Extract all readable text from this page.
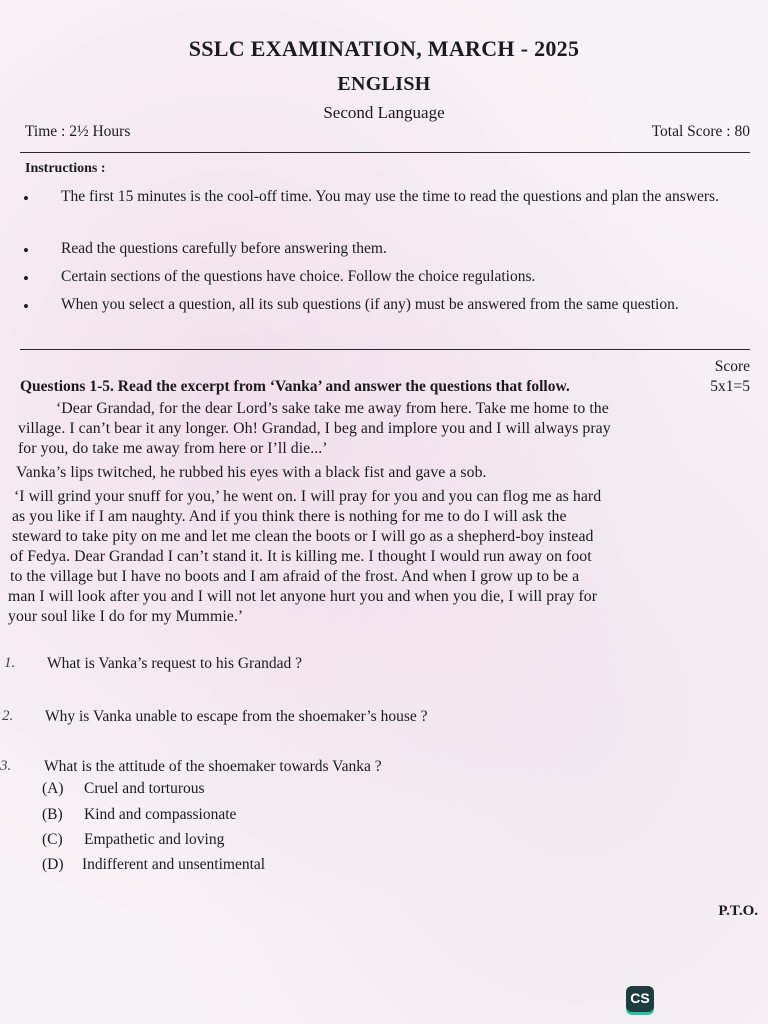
SSLC EXAMINATION, MARCH - 2025
ENGLISH
Second Language
Time : 2½ Hours	Total Score : 80
Instructions :
• The first 15 minutes is the cool-off time. You may use the time to read the questions and plan the answers.
• Read the questions carefully before answering them.
• Certain sections of the questions have choice. Follow the choice regulations.
• When you select a question, all its sub questions (if any) must be answered from the same question.
Score
Questions 1-5. Read the excerpt from ‘Vanka’ and answer the questions that follow.	5x1=5
‘Dear Grandad, for the dear Lord’s sake take me away from here. Take me home to the
village. I can’t bear it any longer. Oh! Grandad, I beg and implore you and I will always pray
for you, do take me away from here or I’ll die...’
Vanka’s lips twitched, he rubbed his eyes with a black fist and gave a sob.
‘I will grind your snuff for you,’ he went on. I will pray for you and you can flog me as hard
as you like if I am naughty. And if you think there is nothing for me to do I will ask the
steward to take pity on me and let me clean the boots or I will go as a shepherd-boy instead
of Fedya. Dear Grandad I can’t stand it. It is killing me. I thought I would run away on foot
to the village but I have no boots and I am afraid of the frost. And when I grow up to be a
man I will look after you and I will not let anyone hurt you and when you die, I will pray for
your soul like I do for my Mummie.’
1. What is Vanka’s request to his Grandad ?
2. Why is Vanka unable to escape from the shoemaker’s house ?
3. What is the attitude of the shoemaker towards Vanka ?
(A) Cruel and torturous
(B) Kind and compassionate
(C) Empathetic and loving
(D) Indifferent and unsentimental
P.T.O.
CS
